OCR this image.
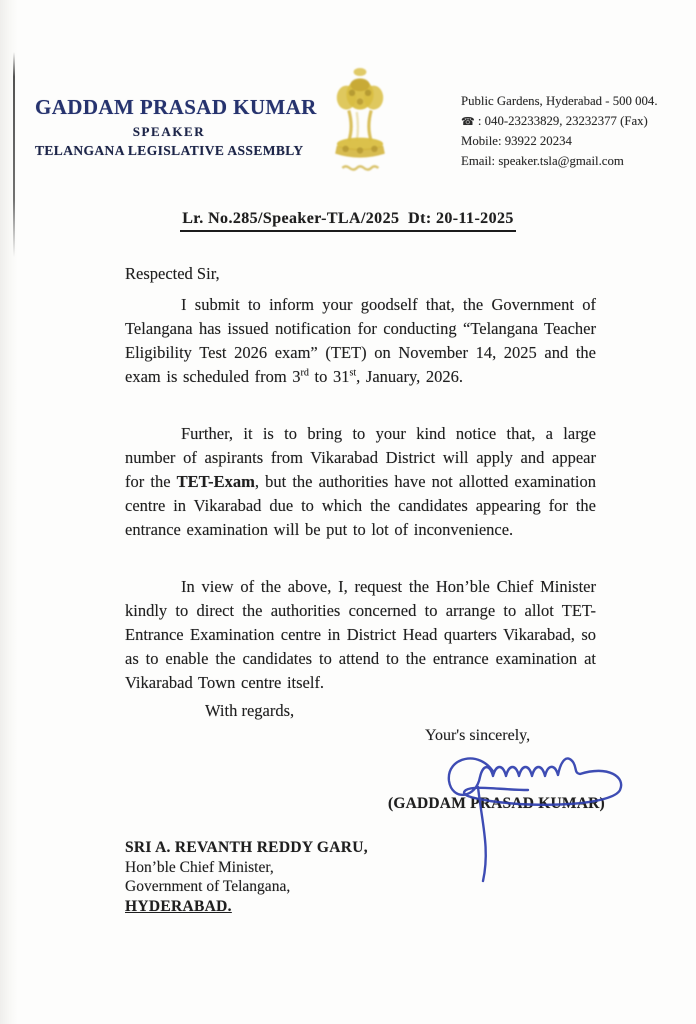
GADDAM PRASAD KUMAR
SPEAKER
TELANGANA LEGISLATIVE ASSEMBLY
Public Gardens, Hyderabad - 500 004.
☎ : 040-23233829, 23232377 (Fax)
Mobile: 93922 20234
Email: speaker.tsla@gmail.com
Lr. No.285/Speaker-TLA/2025  Dt: 20-11-2025

Respected Sir,

I submit to inform your goodself that, the Government of Telangana has issued notification for conducting “Telangana Teacher Eligibility Test 2026 exam” (TET) on November 14, 2025 and the exam is scheduled from 3rd to 31st, January, 2026.

Further, it is to bring to your kind notice that, a large number of aspirants from Vikarabad District will apply and appear for the TET-Exam, but the authorities have not allotted examination centre in Vikarabad due to which the candidates appearing for the entrance examination will be put to lot of inconvenience.

In view of the above, I, request the Hon’ble Chief Minister kindly to direct the authorities concerned to arrange to allot TET-Entrance Examination centre in District Head quarters Vikarabad, so as to enable the candidates to attend to the entrance examination at Vikarabad Town centre itself.

With regards,

Your's sincerely,
(GADDAM PRASAD KUMAR)
SRI A. REVANTH REDDY GARU,
Hon’ble Chief Minister,
Government of Telangana,
HYDERABAD.
